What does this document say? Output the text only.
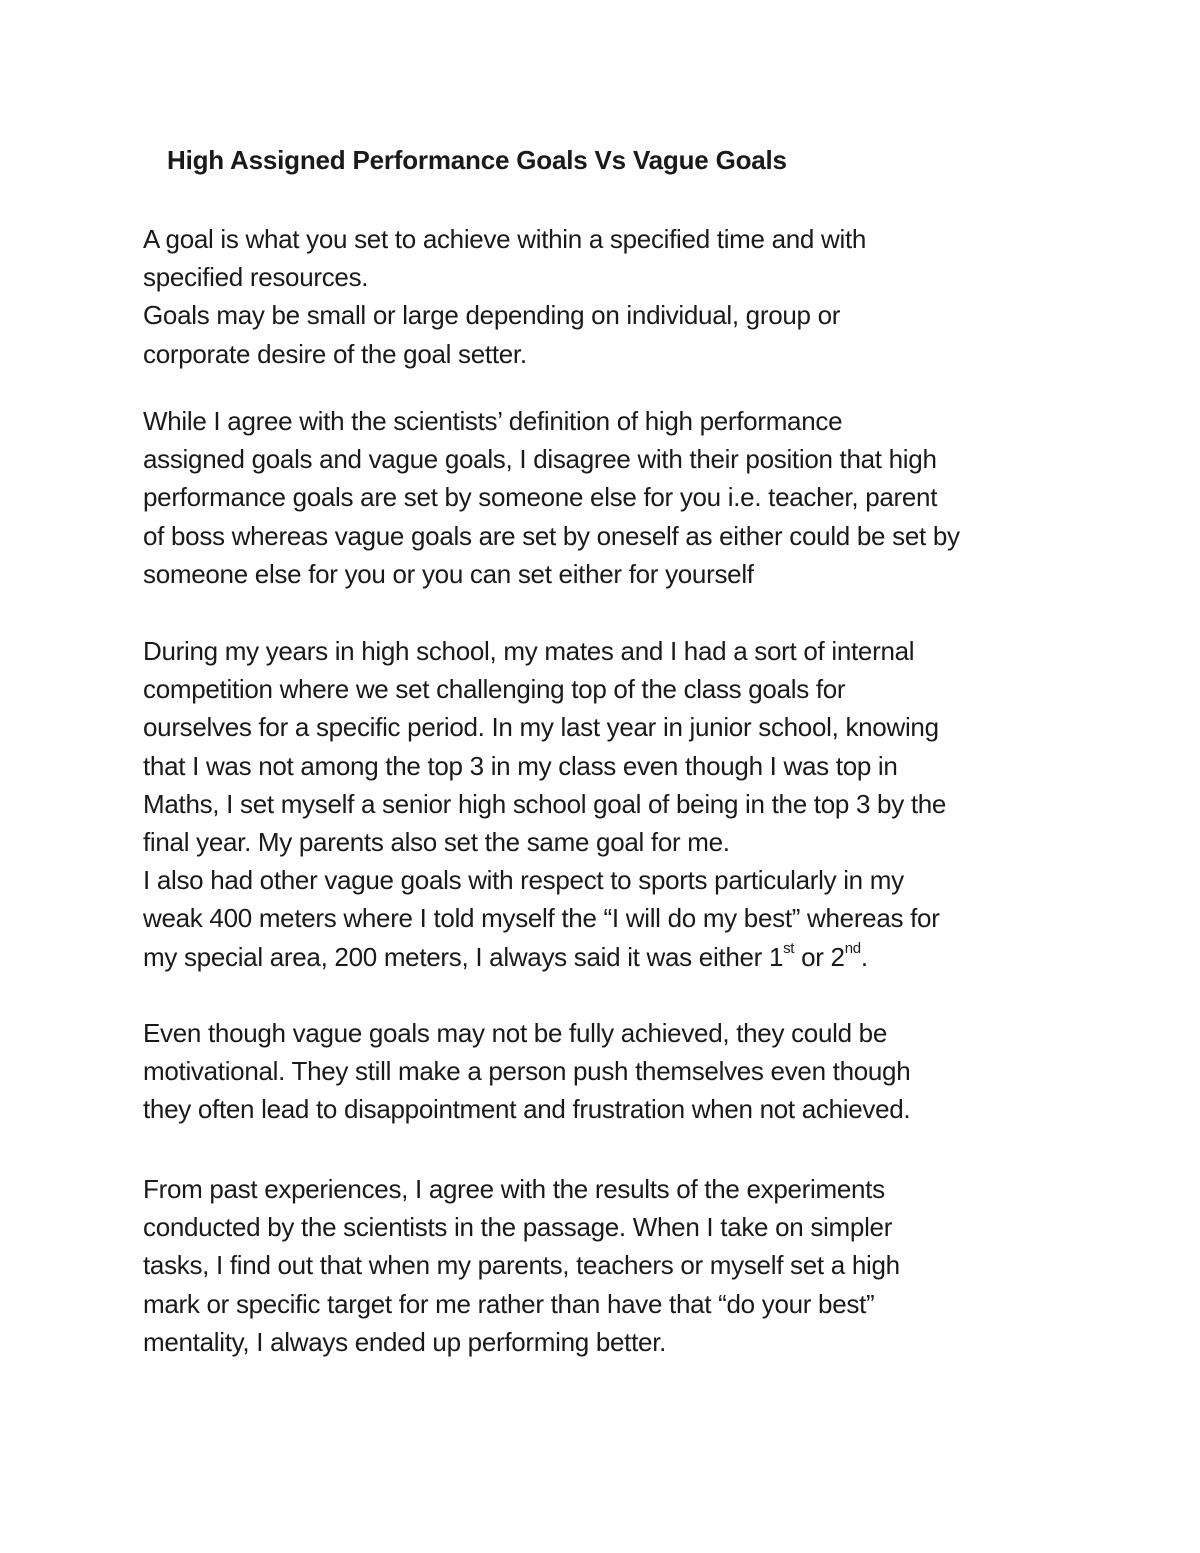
High Assigned Performance Goals Vs Vague Goals

A goal is what you set to achieve within a specified time and with
specified resources.
Goals may be small or large depending on individual, group or
corporate desire of the goal setter.

While I agree with the scientists’ definition of high performance
assigned goals and vague goals, I disagree with their position that high
performance goals are set by someone else for you i.e. teacher, parent
of boss whereas vague goals are set by oneself as either could be set by
someone else for you or you can set either for yourself

During my years in high school, my mates and I had a sort of internal
competition where we set challenging top of the class goals for
ourselves for a specific period. In my last year in junior school, knowing
that I was not among the top 3 in my class even though I was top in
Maths, I set myself a senior high school goal of being in the top 3 by the
final year. My parents also set the same goal for me.
I also had other vague goals with respect to sports particularly in my
weak 400 meters where I told myself the “I will do my best” whereas for
my special area, 200 meters, I always said it was either 1st or 2nd.

Even though vague goals may not be fully achieved, they could be
motivational. They still make a person push themselves even though
they often lead to disappointment and frustration when not achieved.

From past experiences, I agree with the results of the experiments
conducted by the scientists in the passage. When I take on simpler
tasks, I find out that when my parents, teachers or myself set a high
mark or specific target for me rather than have that “do your best”
mentality, I always ended up performing better.
